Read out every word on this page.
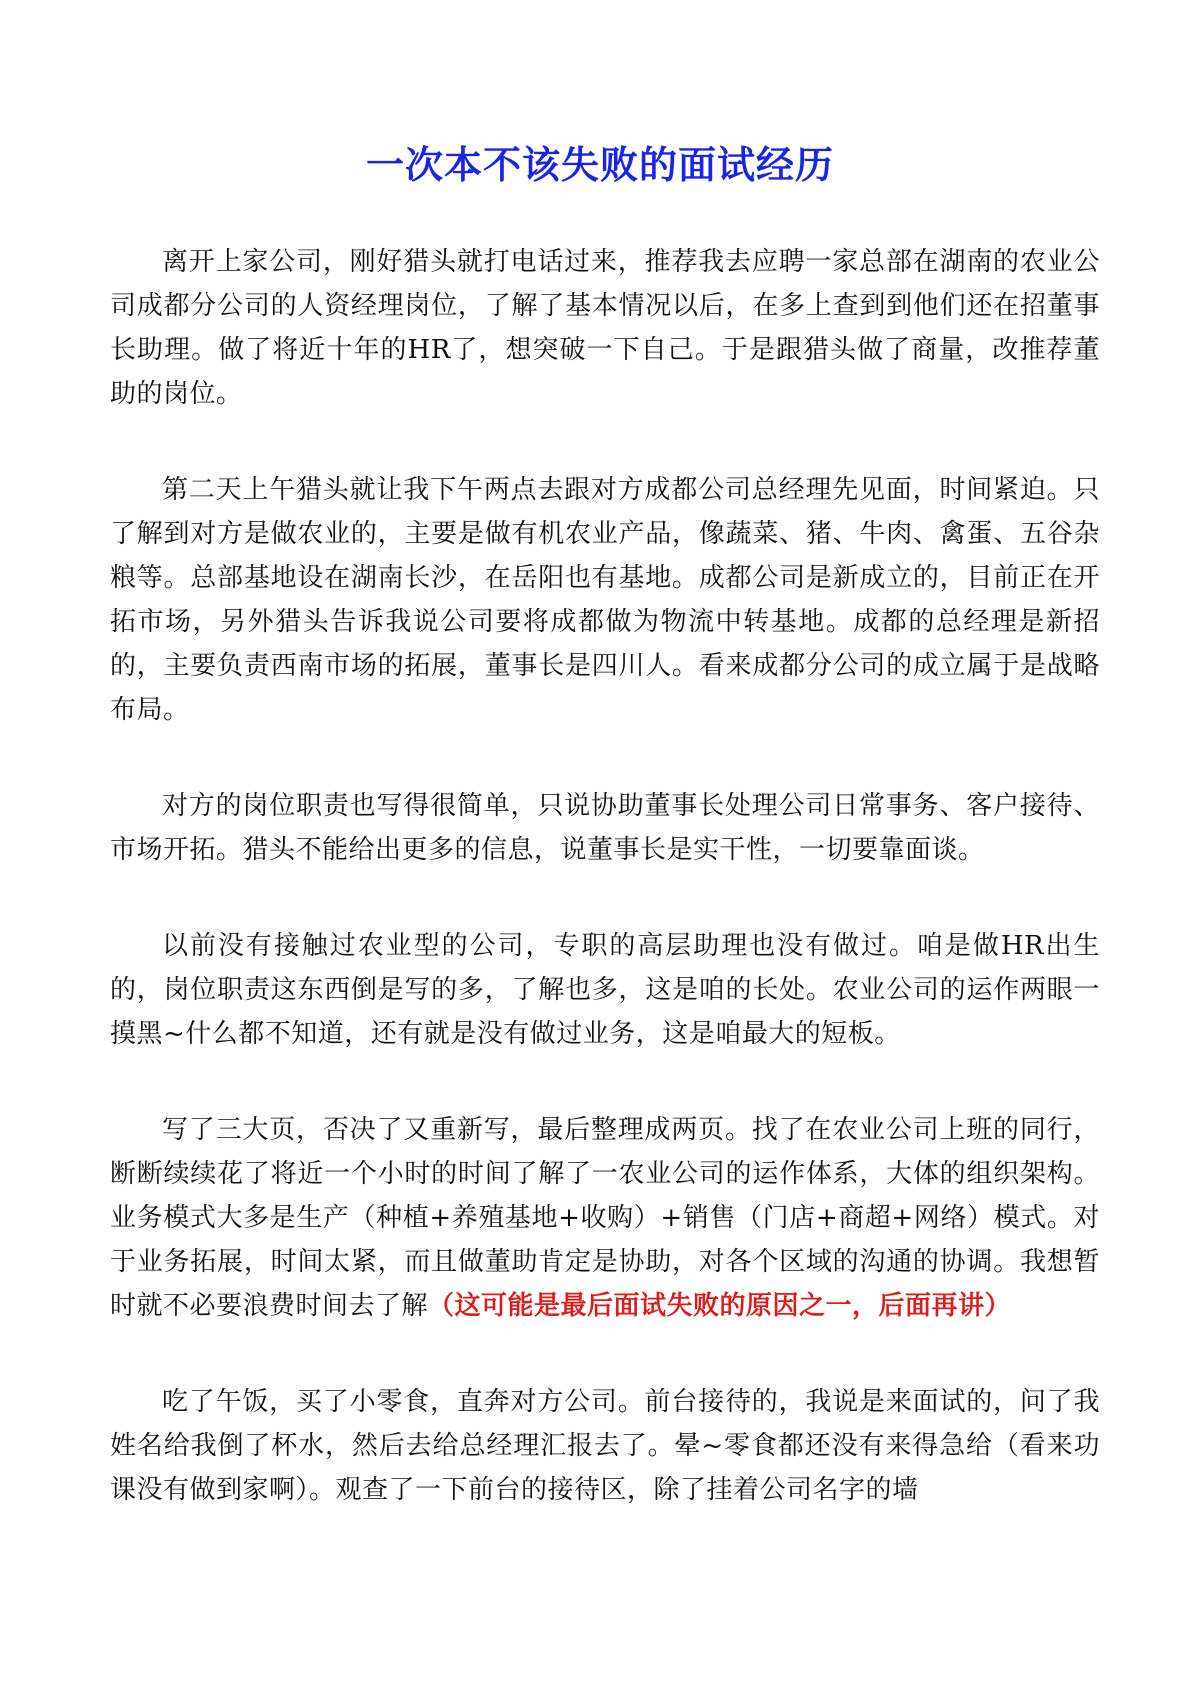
一次本不该失败的面试经历

离开上家公司，刚好猎头就打电话过来，推荐我去应聘一家总部在湖南的农业公司成都分公司的人资经理岗位，了解了基本情况以后，在多上查到到他们还在招董事长助理。做了将近十年的HR了，想突破一下自己。于是跟猎头做了商量，改推荐董助的岗位。

第二天上午猎头就让我下午两点去跟对方成都公司总经理先见面，时间紧迫。只了解到对方是做农业的，主要是做有机农业产品，像蔬菜、猪、牛肉、禽蛋、五谷杂粮等。总部基地设在湖南长沙，在岳阳也有基地。成都公司是新成立的，目前正在开拓市场，另外猎头告诉我说公司要将成都做为物流中转基地。成都的总经理是新招的，主要负责西南市场的拓展，董事长是四川人。看来成都分公司的成立属于是战略布局。

对方的岗位职责也写得很简单，只说协助董事长处理公司日常事务、客户接待、市场开拓。猎头不能给出更多的信息，说董事长是实干性，一切要靠面谈。

以前没有接触过农业型的公司，专职的高层助理也没有做过。咱是做HR出生的，岗位职责这东西倒是写的多，了解也多，这是咱的长处。农业公司的运作两眼一摸黑~什么都不知道，还有就是没有做过业务，这是咱最大的短板。

写了三大页，否决了又重新写，最后整理成两页。找了在农业公司上班的同行，断断续续花了将近一个小时的时间了解了一农业公司的运作体系，大体的组织架构。业务模式大多是生产（种植+养殖基地+收购）+销售（门店+商超+网络）模式。对于业务拓展，时间太紧，而且做董助肯定是协助，对各个区域的沟通的协调。我想暂时就不必要浪费时间去了解（这可能是最后面试失败的原因之一，后面再讲）

吃了午饭，买了小零食，直奔对方公司。前台接待的，我说是来面试的，问了我姓名给我倒了杯水，然后去给总经理汇报去了。晕~零食都还没有来得急给（看来功课没有做到家啊）。观查了一下前台的接待区，除了挂着公司名字的墙
